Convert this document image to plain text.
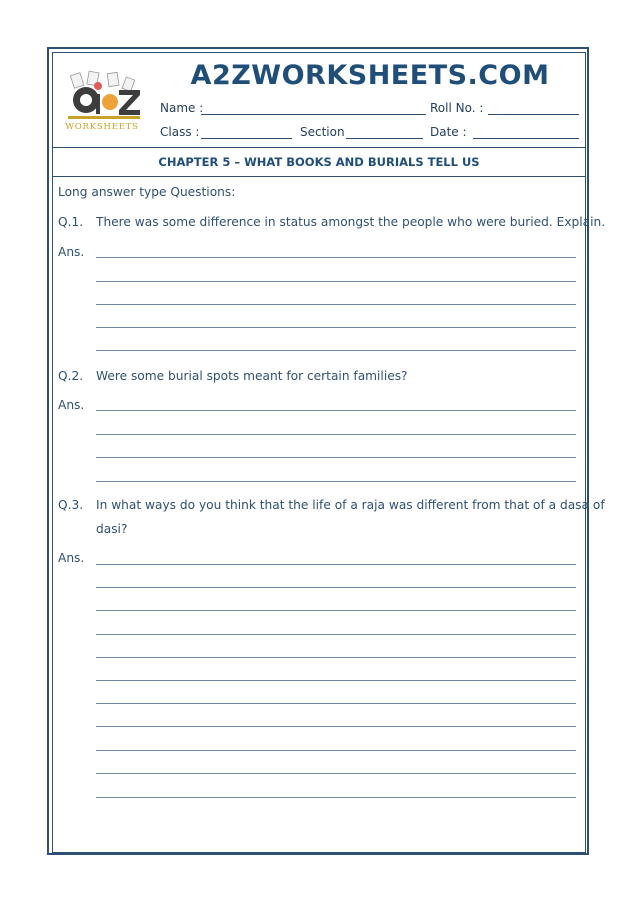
WORKSHEETS
A2ZWORKSHEETS.COM
Name :	Roll No. :
Class :	Section	Date :
CHAPTER 5 – WHAT BOOKS AND BURIALS TELL US
Long answer type Questions:
Q.1. There was some difference in status amongst the people who were buried. Explain.
Ans.
Q.2. Were some burial spots meant for certain families?
Ans.
Q.3. In what ways do you think that the life of a raja was different from that of a dasa of
dasi?
Ans.
